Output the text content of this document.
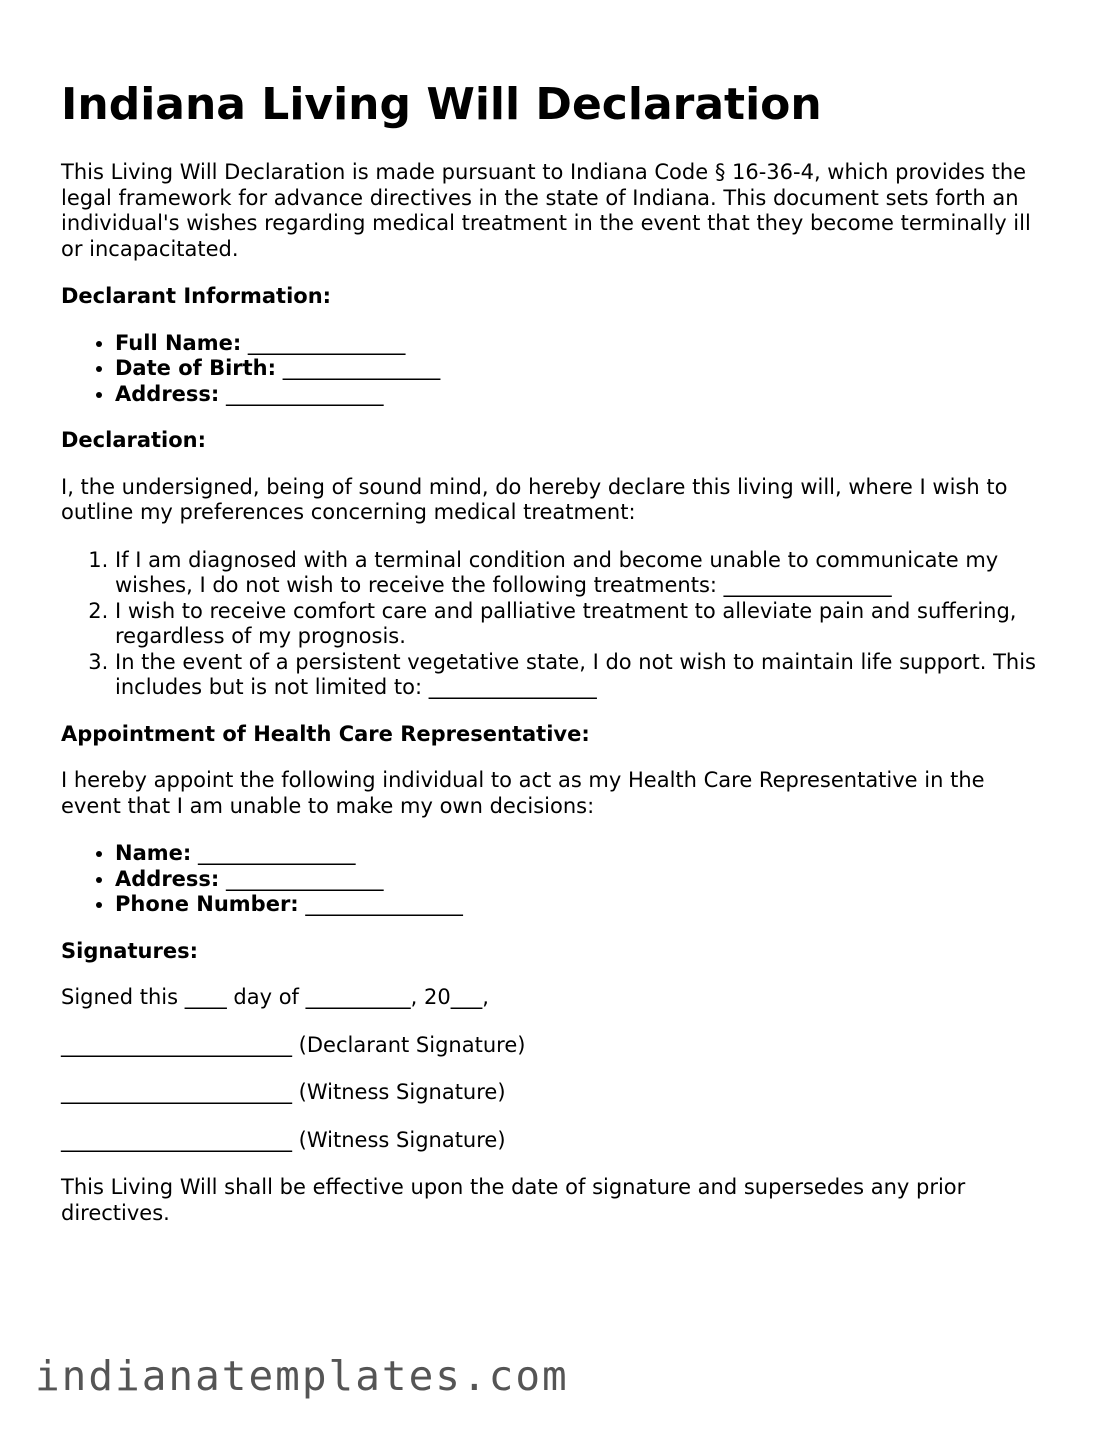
Indiana Living Will Declaration

This Living Will Declaration is made pursuant to Indiana Code § 16-36-4, which provides the legal framework for advance directives in the state of Indiana. This document sets forth an individual's wishes regarding medical treatment in the event that they become terminally ill or incapacitated.

Declarant Information:

• Full Name: _______________
• Date of Birth: _______________
• Address: _______________

Declaration:

I, the undersigned, being of sound mind, do hereby declare this living will, where I wish to outline my preferences concerning medical treatment:

1. If I am diagnosed with a terminal condition and become unable to communicate my wishes, I do not wish to receive the following treatments: ________________
2. I wish to receive comfort care and palliative treatment to alleviate pain and suffering, regardless of my prognosis.
3. In the event of a persistent vegetative state, I do not wish to maintain life support. This includes but is not limited to: ________________

Appointment of Health Care Representative:

I hereby appoint the following individual to act as my Health Care Representative in the event that I am unable to make my own decisions:

• Name: _______________
• Address: _______________
• Phone Number: _______________

Signatures:

Signed this ____ day of __________, 20___,

______________________ (Declarant Signature)

______________________ (Witness Signature)

______________________ (Witness Signature)

This Living Will shall be effective upon the date of signature and supersedes any prior directives.

indianatemplates.com
